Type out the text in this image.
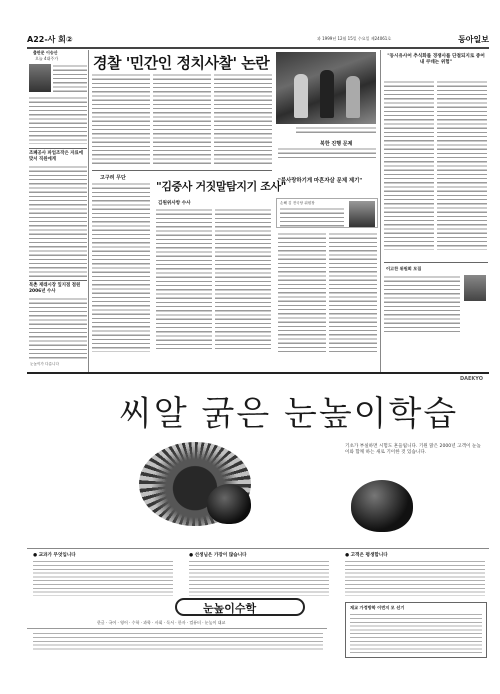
A22-사 회②	과 1999년 12월 15일 수요일 제24061호	동아일보
출판문 이승산
오늘 4대주가
조폐공사 파업조작은 자료에 맞서 직원에게
북촌 재래시장 잎지점 점원 2006년 수사
경찰 '민간인 정치사찰' 논란
북한 진행 문제
"동시유사어 추식화를 경쟁사를 단절되지로 중어내 쿠데는 위험"
이고찬 위원회 모집
고구려 무단
"김중사 거짓말탐지기 조사"
김원위사항 수사
"불사랑하기게 마흔자살 문제 제기"
손해 김 전국당 위원장
눈높이가 다름니다
DAEKYO
씨알 굵은 눈높이학습
기초가 부실하면 시험도 흔들립니다. 기원 맑은 2000년 고객이 눈높이와 함께 하는 새로 기이한 것 있습니다.
● 교과가 무엇입니다	● 선생님은 가장이 많습니다	● 고객은 평생합니다
눈높이수학
한글 · 국어 · 영어 · 수학 · 과학 · 사회 · 독서 · 한자 · 컴퓨터 · 눈높이 대교
재교 가정방학 이번지 모 선기
